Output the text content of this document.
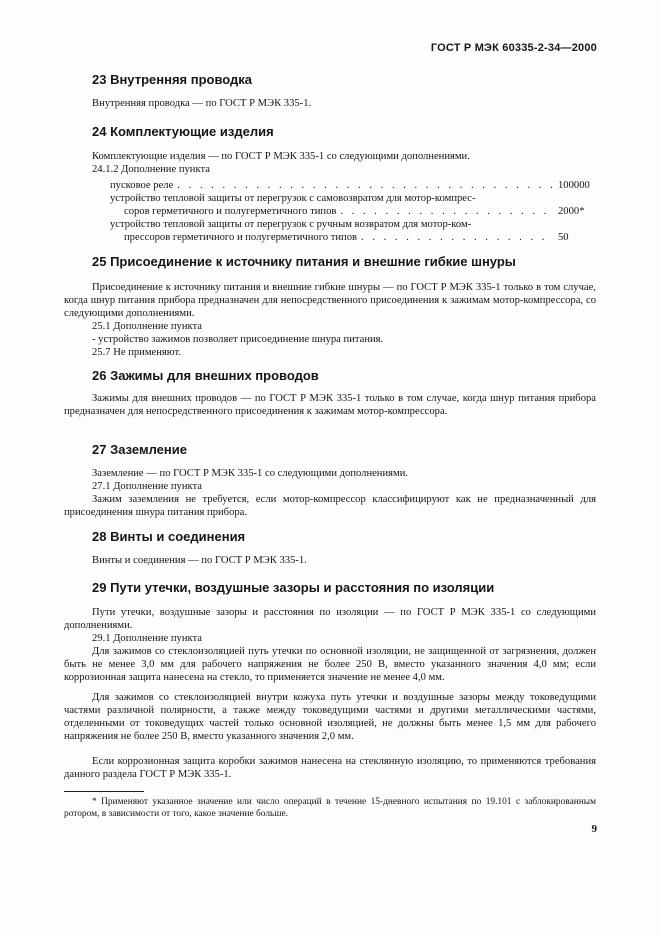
ГОСТ Р МЭК 60335-2-34—2000
23 Внутренняя проводка
Внутренняя проводка — по ГОСТ Р МЭК 335-1.
24 Комплектующие изделия
Комплектующие изделия — по ГОСТ Р МЭК 335-1 со следующими дополнениями.
24.1.2 Дополнение пункта
пусковое реле . . .	100000
устройство тепловой защиты от перегрузок с самовозвратом для мотор-компрес-
соров герметичного и полугерметичного типов . . .	2000*
устройство тепловой защиты от перегрузок с ручным возвратом для мотор-ком-
прессоров герметичного и полугерметичного типов . . .	50
25 Присоединение к источнику питания и внешние гибкие шнуры
Присоединение к источнику питания и внешние гибкие шнуры — по ГОСТ Р МЭК 335-1 только в том случае, когда шнур питания прибора предназначен для непосредственного присоединения к зажимам мотор-компрессора, со следующими дополнениями.
25.1 Дополнение пункта
- устройство зажимов позволяет присоединение шнура питания.
25.7 Не применяют.
26 Зажимы для внешних проводов
Зажимы для внешних проводов — по ГОСТ Р МЭК 335-1 только в том случае, когда шнур питания прибора предназначен для непосредственного присоединения к зажимам мотор-компрессора.
27 Заземление
Заземление — по ГОСТ Р МЭК 335-1 со следующими дополнениями.
27.1 Дополнение пункта
Зажим заземления не требуется, если мотор-компрессор классифицируют как не предназначенный для присоединения шнура питания прибора.
28 Винты и соединения
Винты и соединения — по ГОСТ Р МЭК 335-1.
29 Пути утечки, воздушные зазоры и расстояния по изоляции
Пути утечки, воздушные зазоры и расстояния по изоляции — по ГОСТ Р МЭК 335-1 со следующими дополнениями.
29.1 Дополнение пункта
Для зажимов со стеклоизоляцией путь утечки по основной изоляции, не защищенной от загрязнения, должен быть не менее 3,0 мм для рабочего напряжения не более 250 В, вместо указанного значения 4,0 мм; если коррозионная защита нанесена на стекло, то применяется значение не менее 4,0 мм.
Для зажимов со стеклоизоляцией внутри кожуха путь утечки и воздушные зазоры между токоведущими частями различной полярности, а также между токоведущими частями и другими металлическими частями, отделенными от токоведущих частей только основной изоляцией, не должны быть менее 1,5 мм для рабочего напряжения не более 250 В, вместо указанного значения 2,0 мм.
Если коррозионная защита коробки зажимов нанесена на стеклянную изоляцию, то применяются требования данного раздела ГОСТ Р МЭК 335-1.
* Применяют указанное значение или число операций в течение 15-дневного испытания по 19.101 с заблокированным ротором, в зависимости от того, какое значение больше.
9
